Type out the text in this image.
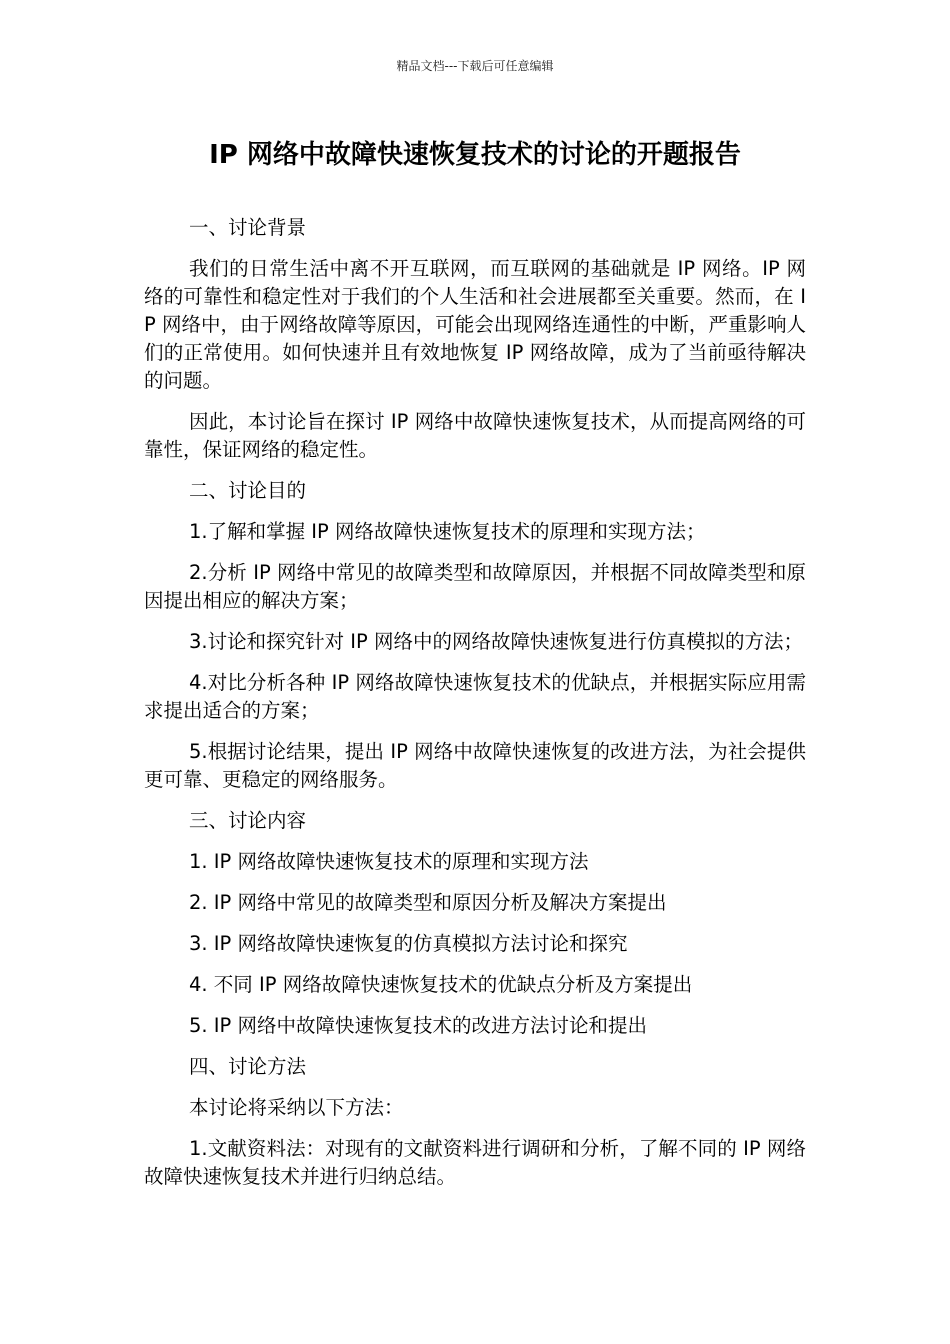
精品文档---下载后可任意编辑
IP 网络中故障快速恢复技术的讨论的开题报告

一、讨论背景

我们的日常生活中离不开互联网，而互联网的基础就是 IP 网络。IP 网络的可靠性和稳定性对于我们的个人生活和社会进展都至关重要。然而，在 IP 网络中，由于网络故障等原因，可能会出现网络连通性的中断，严重影响人们的正常使用。如何快速并且有效地恢复 IP 网络故障，成为了当前亟待解决的问题。

因此，本讨论旨在探讨 IP 网络中故障快速恢复技术，从而提高网络的可靠性，保证网络的稳定性。

二、讨论目的

1.了解和掌握 IP 网络故障快速恢复技术的原理和实现方法；

2.分析 IP 网络中常见的故障类型和故障原因，并根据不同故障类型和原因提出相应的解决方案；

3.讨论和探究针对 IP 网络中的网络故障快速恢复进行仿真模拟的方法；

4.对比分析各种 IP 网络故障快速恢复技术的优缺点，并根据实际应用需求提出适合的方案；

5.根据讨论结果，提出 IP 网络中故障快速恢复的改进方法，为社会提供更可靠、更稳定的网络服务。

三、讨论内容

1. IP 网络故障快速恢复技术的原理和实现方法

2. IP 网络中常见的故障类型和原因分析及解决方案提出

3. IP 网络故障快速恢复的仿真模拟方法讨论和探究

4. 不同 IP 网络故障快速恢复技术的优缺点分析及方案提出

5. IP 网络中故障快速恢复技术的改进方法讨论和提出

四、讨论方法

本讨论将采纳以下方法：

1.文献资料法：对现有的文献资料进行调研和分析，了解不同的 IP 网络故障快速恢复技术并进行归纳总结。
